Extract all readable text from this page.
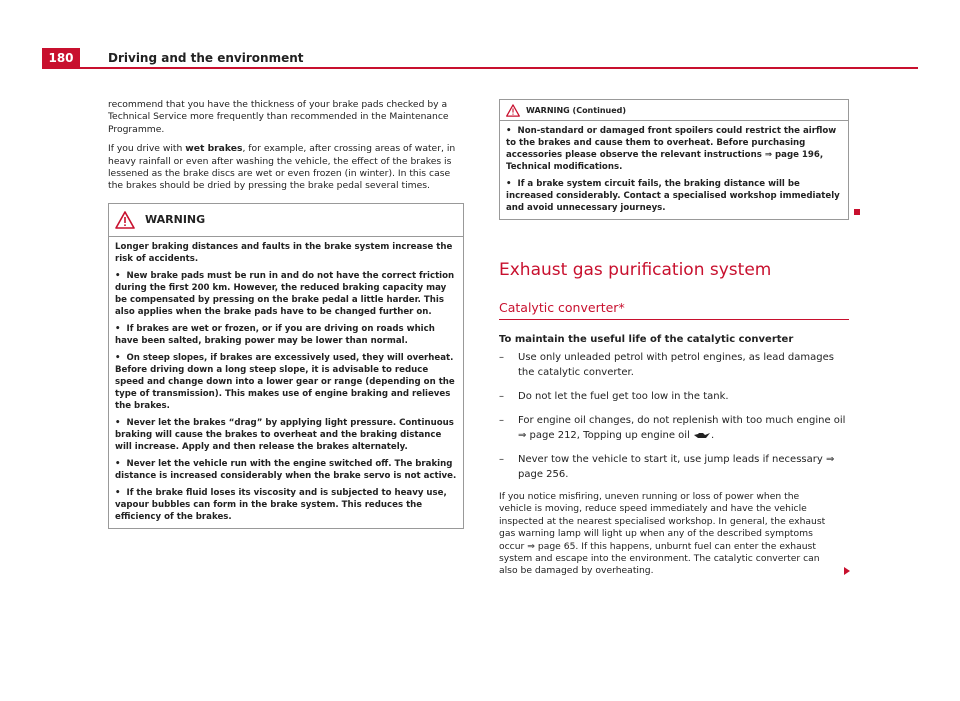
180	Driving and the environment

recommend that you have the thickness of your brake pads checked by a Technical Service more frequently than recommended in the Maintenance Programme.

If you drive with wet brakes, for example, after crossing areas of water, in heavy rainfall or even after washing the vehicle, the effect of the brakes is lessened as the brake discs are wet or even frozen (in winter). In this case the brakes should be dried by pressing the brake pedal several times.

WARNING

Longer braking distances and faults in the brake system increase the risk of accidents.

• New brake pads must be run in and do not have the correct friction during the first 200 km. However, the reduced braking capacity may be compensated by pressing on the brake pedal a little harder. This also applies when the brake pads have to be changed further on.

• If brakes are wet or frozen, or if you are driving on roads which have been salted, braking power may be lower than normal.

• On steep slopes, if brakes are excessively used, they will overheat. Before driving down a long steep slope, it is advisable to reduce speed and change down into a lower gear or range (depending on the type of transmission). This makes use of engine braking and relieves the brakes.

• Never let the brakes “drag” by applying light pressure. Continuous braking will cause the brakes to overheat and the braking distance will increase. Apply and then release the brakes alternately.

• Never let the vehicle run with the engine switched off. The braking distance is increased considerably when the brake servo is not active.

• If the brake fluid loses its viscosity and is subjected to heavy use, vapour bubbles can form in the brake system. This reduces the efficiency of the brakes.

WARNING (Continued)

• Non-standard or damaged front spoilers could restrict the airflow to the brakes and cause them to overheat. Before purchasing accessories please observe the relevant instructions ⇒ page 196, Technical modifications.

• If a brake system circuit fails, the braking distance will be increased considerably. Contact a specialised workshop immediately and avoid unnecessary journeys.

Exhaust gas purification system
Catalytic converter*
To maintain the useful life of the catalytic converter
–	Use only unleaded petrol with petrol engines, as lead damages the catalytic converter.
–	Do not let the fuel get too low in the tank.
–	For engine oil changes, do not replenish with too much engine oil ⇒ page 212, Topping up engine oil .
–	Never tow the vehicle to start it, use jump leads if necessary ⇒ page 256.

If you notice misfiring, uneven running or loss of power when the vehicle is moving, reduce speed immediately and have the vehicle inspected at the nearest specialised workshop. In general, the exhaust gas warning lamp will light up when any of the described symptoms occur ⇒ page 65. If this happens, unburnt fuel can enter the exhaust system and escape into the environment. The catalytic converter can also be damaged by overheating.
